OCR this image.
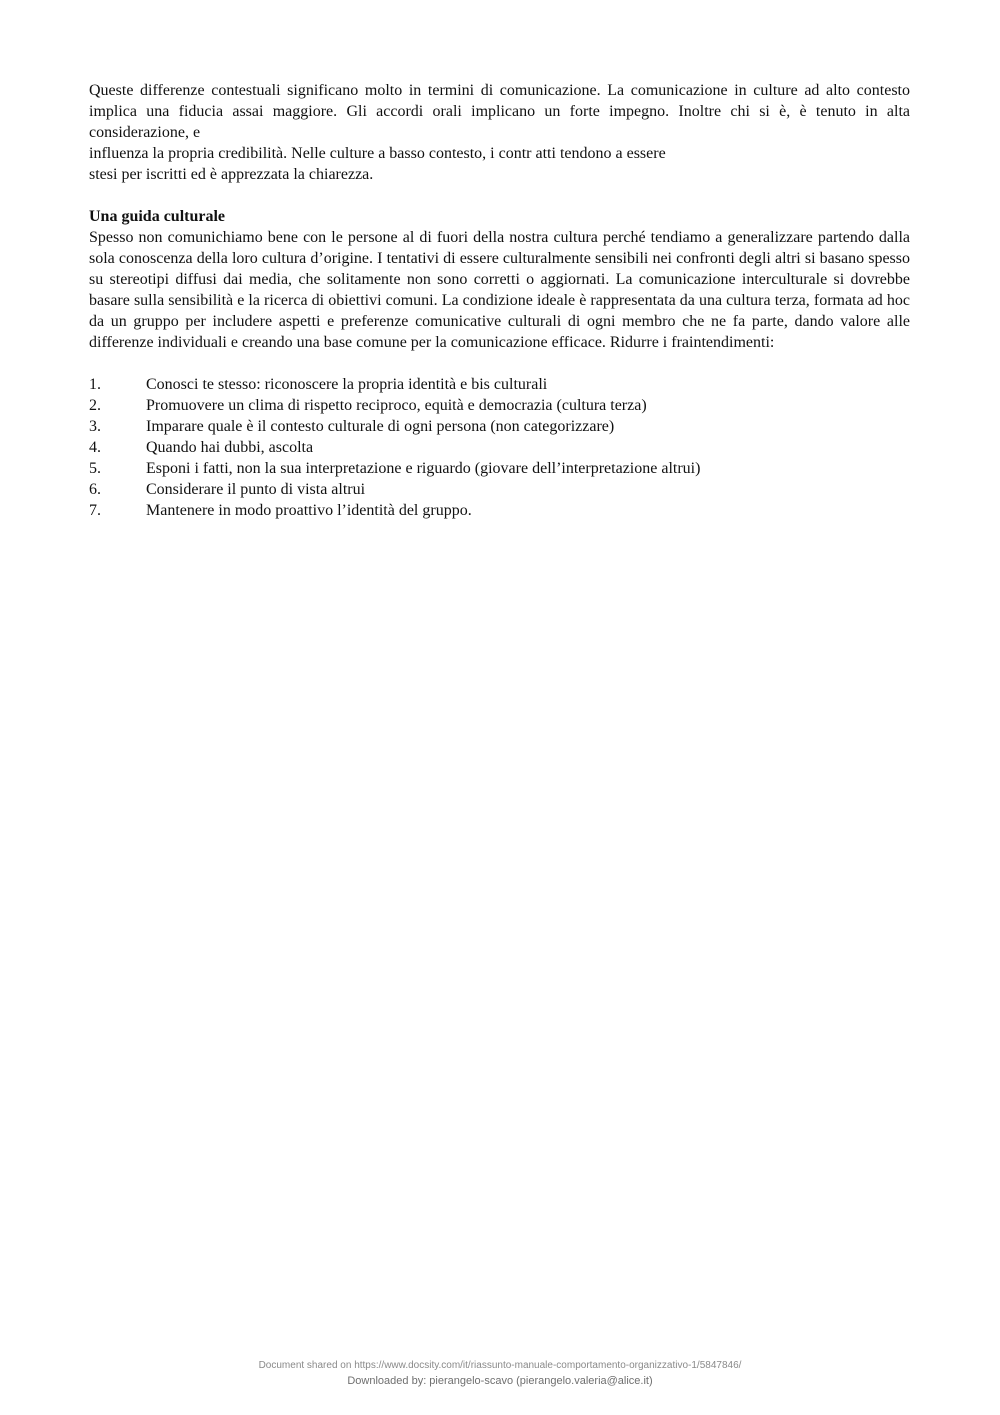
Queste differenze contestuali significano molto in termini di comunicazione. La comunicazione in culture ad alto contesto implica una fiducia assai maggiore. Gli accordi orali implicano un forte impegno. Inoltre chi si è, è tenuto in alta considerazione, e

influenza la propria credibilità. Nelle culture a basso contesto, i contr atti tendono a essere

stesi per iscritti ed è apprezzata la chiarezza.

Una guida culturale

Spesso non comunichiamo bene con le persone al di fuori della nostra cultura perché tendiamo a generalizzare partendo dalla sola conoscenza della loro cultura d’origine. I tentativi di essere culturalmente sensibili nei confronti degli altri si basano spesso su stereotipi diffusi dai media, che solitamente non sono corretti o aggiornati. La comunicazione interculturale si dovrebbe basare sulla sensibilità e la ricerca di obiettivi comuni. La condizione ideale è rappresentata da una cultura terza, formata ad hoc da un gruppo per includere aspetti e preferenze comunicative culturali di ogni membro che ne fa parte, dando valore alle differenze individuali e creando una base comune per la comunicazione efficace. Ridurre i fraintendimenti:

1.	Conosci te stesso: riconoscere la propria identità e bis culturali
2.	Promuovere un clima di rispetto reciproco, equità e democrazia (cultura terza)
3.	Imparare quale è il contesto culturale di ogni persona (non categorizzare)
4.	Quando hai dubbi, ascolta
5.	Esponi i fatti, non la sua interpretazione e riguardo (giovare dell’interpretazione altrui)
6.	Considerare il punto di vista altrui
7.	Mantenere in modo proattivo l’identità del gruppo.
Document shared on https://www.docsity.com/it/riassunto-manuale-comportamento-organizzativo-1/5847846/
Downloaded by: pierangelo-scavo (pierangelo.valeria@alice.it)
